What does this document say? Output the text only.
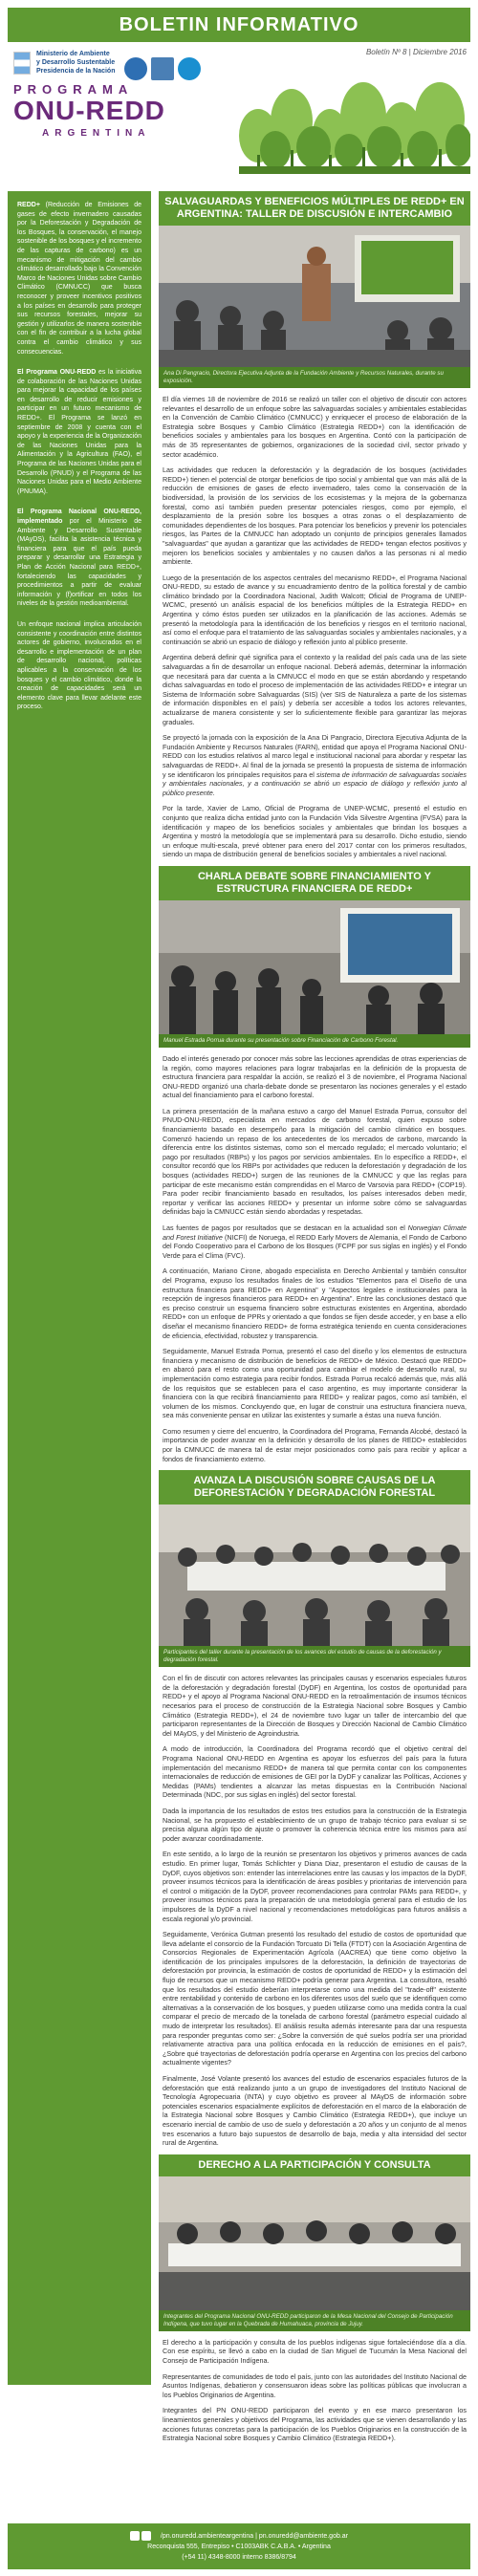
BOLETIN INFORMATIVO
Boletín Nº 8 | Diciembre 2016
Ministerio de Ambiente
y Desarrollo Sustentable
Presidencia de la Nación
PROGRAMA
ONU-REDD
ARGENTINA

REDD+ (Reducción de Emisiones de gases de efecto invernadero causadas por la Deforestación y Degradación de los Bosques, la conservación, el manejo sostenible de los bosques y el incremento de las capturas de carbono) es un mecanismo de mitigación del cambio climático desarrollado bajo la Convención Marco de Naciones Unidas sobre Cambio Climático (CMNUCC) que busca reconocer y proveer incentivos positivos a los países en desarrollo para proteger sus recursos forestales, mejorar su gestión y utilizarlos de manera sostenible con el fin de contribuir a la lucha global contra el cambio climático y sus consecuencias.

El Programa ONU-REDD es la iniciativa de colaboración de las Naciones Unidas para mejorar la capacidad de los países en desarrollo de reducir emisiones y participar en un futuro mecanismo de REDD+. El Programa se lanzó en septiembre de 2008 y cuenta con el apoyo y la experiencia de la Organización de las Naciones Unidas para la Alimentación y la Agricultura (FAO), el Programa de las Naciones Unidas para el Desarrollo (PNUD) y el Programa de las Naciones Unidas para el Medio Ambiente (PNUMA).

El Programa Nacional ONU-REDD, implementado por el Ministerio de Ambiente y Desarrollo Sustentable (MAyDS), facilita la asistencia técnica y financiera para que el país pueda preparar y desarrollar una Estrategia y Plan de Acción Nacional para REDD+, fortaleciendo las capacidades y procedimientos a partir de evaluar información y (f)ortificar en todos los niveles de la gestión medioambiental.

Un enfoque nacional implica articulación consistente y coordinación entre distintos actores de gobierno, involucrados en el desarrollo e implementación de un plan de desarrollo nacional, políticas aplicables a la conservación de los bosques y el cambio climático, donde la creación de capacidades será un elemento clave para llevar adelante este proceso.

SALVAGUARDAS Y BENEFICIOS MÚLTIPLES DE REDD+ EN ARGENTINA: TALLER DE DISCUSIÓN E INTERCAMBIO
Ana Di Pangracio, Directora Ejecutiva Adjunta de la Fundación Ambiente y Recursos Naturales, durante su exposición.

El día viernes 18 de noviembre de 2016 se realizó un taller con el objetivo de discutir con actores relevantes el desarrollo de un enfoque sobre las salvaguardas sociales y ambientales establecidas en la Convención de Cambio Climático (CMNUCC) y enriquecer el proceso de elaboración de la Estrategia sobre Bosques y Cambio Climático (Estrategia REDD+) con la identificación de beneficios sociales y ambientales para los bosques en Argentina. Contó con la participación de más de 35 representantes de gobiernos, organizaciones de la sociedad civil, sector privado y sector académico.

Las actividades que reducen la deforestación y la degradación de los bosques (actividades REDD+) tienen el potencial de otorgar beneficios de tipo social y ambiental que van más allá de la reducción de emisiones de gases de efecto invernadero, tales como la conservación de la biodiversidad, la provisión de los servicios de los ecosistemas y la mejora de la gobernanza forestal, como así también pueden presentar potenciales riesgos, como por ejemplo, el desplazamiento de la presión sobre los bosques a otras zonas o el desplazamiento de comunidades dependientes de los bosques. Para potenciar los beneficios y prevenir los potenciales riesgos, las Partes de la CMNUCC han adoptado un conjunto de principios generales llamados "salvaguardas" que ayudan a garantizar que las actividades de REDD+ tengan efectos positivos y mejoren los beneficios sociales y ambientales y no causen daños a las personas ni al medio ambiente.

Luego de la presentación de los aspectos centrales del mecanismo REDD+, el Programa Nacional ONU-REDD, su estado de avance y su encuadramiento dentro de la política forestal y de cambio climático brindado por la Coordinadora Nacional, Judith Walcott; Oficial de Programa de UNEP-WCMC, presentó un análisis espacial de los beneficios múltiples de la Estrategia REDD+ en Argentina y cómo éstos pueden ser utilizados en la planificación de las acciones. Además se presentó la metodología para la identificación de los beneficios y riesgos en el territorio nacional, así como el enfoque para el tratamiento de las salvaguardas sociales y ambientales nacionales, y a continuación se abrió un espacio de diálogo y reflexión junto al público presente.

Argentina deberá definir qué significa para el contexto y la realidad del país cada una de las siete salvaguardas a fin de desarrollar un enfoque nacional. Deberá además, determinar la información que necesitará para dar cuenta a la CMNUCC el modo en que se están abordando y respetando dichas salvaguardas en todo el proceso de implementación de las actividades REDD+ e integrar un Sistema de Información sobre Salvaguardas (SIS) (ver SIS de Naturaleza a parte de los sistemas de información disponibles en el país) y debería ser accesible a todos los actores relevantes, actualizarse de manera consistente y ser lo suficientemente flexible para garantizar las mejoras graduales.

Se proyectó la jornada con la exposición de la Ana Di Pangracio, Directora Ejecutiva Adjunta de la Fundación Ambiente y Recursos Naturales (FARN), entidad que apoya el Programa Nacional ONU-REDD con los estudios relativos al marco legal e institucional nacional para abordar y respetar las salvaguardas de REDD+. Al final de la jornada se presentó la propuesta de sistema de información y se identificaron los principales requisitos para el sistema de información de salvaguardas sociales y ambientales nacionales, y a continuación se abrió un espacio de diálogo y reflexión junto al público presente.

Por la tarde, Xavier de Lamo, Oficial de Programa de UNEP-WCMC, presentó el estudio en conjunto que realiza dicha entidad junto con la Fundación Vida Silvestre Argentina (FVSA) para la identificación y mapeo de los beneficios sociales y ambientales que brindan los bosques a Argentina y mostró la metodología que se implementará para su desarrollo. Dicho estudio, siendo un enfoque multi-escala, prevé obtener para enero del 2017 contar con los primeros resultados, siendo un mapa de distribución general de beneficios sociales y ambientales a nivel nacional.

CHARLA DEBATE SOBRE FINANCIAMIENTO Y ESTRUCTURA FINANCIERA DE REDD+
Manuel Estrada Porrua durante su presentación sobre Financiación de Carbono Forestal.

Dado el interés generado por conocer más sobre las lecciones aprendidas de otras experiencias de la región, como mayores relaciones para lograr trabajarlas en la definición de la propuesta de estructura financiera para respaldar la acción, se realizó el 3 de noviembre, el Programa Nacional ONU-REDD organizó una charla-debate donde se presentaron las nociones generales y el estado actual del financiamiento para el carbono forestal.

La primera presentación de la mañana estuvo a cargo del Manuel Estrada Porrua, consultor del PNUD-ONU-REDD, especialista en mercados de carbono forestal, quien expuso sobre financiamiento basado en desempeño para la mitigación del cambio climático en bosques. Comenzó haciendo un repaso de los antecedentes de los mercados de carbono, marcando la diferencia entre los distintos sistemas, como son el mercado regulado; el mercado voluntario; el pago por resultados (RBPs) y los pagos por servicios ambientales. En lo específico a REDD+, el consultor recordó que los RBPs por actividades que reducen la deforestación y degradación de los bosques (actividades REDD+) surgen de las reuniones de la CMNUCC y que las reglas para participar de este mecanismo están comprendidas en el Marco de Varsovia para REDD+ (COP19). Para poder recibir financiamiento basado en resultados, los países interesados deben medir, reportar y verificar las acciones REDD+ y presentar un informe sobre cómo se salvaguardas definidas bajo la CMNUCC están siendo abordadas y respetadas.

Las fuentes de pagos por resultados que se destacan en la actualidad son el Norwegian Climate and Forest Initiative (NICFI) de Noruega, el REDD Early Movers de Alemania, el Fondo de Carbono del Fondo Cooperativo para el Carbono de los Bosques (FCPF por sus siglas en inglés) y el Fondo Verde para el Clima (FVC).

A continuación, Mariano Cirone, abogado especialista en Derecho Ambiental y también consultor del Programa, expuso los resultados finales de los estudios "Elementos para el Diseño de una estructura financiera para REDD+ en Argentina" y "Aspectos legales e institucionales para la recepción de ingresos financieros para REDD+ en Argentina". Entre las conclusiones destacó que es preciso construir un esquema financiero sobre estructuras existentes en Argentina, abordado REDD+ con un enfoque de PPRs y orientado a que fondos se fijen desde acceder, y en base a ello diseñar el mecanismo financiero REDD+ de forma estratégica teniendo en cuenta consideraciones de eficiencia, efectividad, robustez y transparencia.

Seguidamente, Manuel Estrada Porrua, presentó el caso del diseño y los elementos de estructura financiera y mecanismo de distribución de beneficios de REDD+ de México. Destacó que REDD+ en abarcó para el resto como una oportunidad para cambiar el modelo de desarrollo rural, su implementación como estrategia para recibir fondos. Estrada Porrua recalcó además que, más allá de los requisitos que se establecen para el caso argentino, es muy importante considerar la financiera con la que recibirá financiamiento para REDD+ y realizar pagos, como así también, el volumen de los mismos. Concluyendo que, en lugar de construir una estructura financiera nueva, sea más conveniente pensar en utilizar las existentes y sumarle a éstas una nueva función.

Como resumen y cierre del encuentro, la Coordinadora del Programa, Fernanda Alcobé, destacó la importancia de poder avanzar en la definición y desarrollo de los planes de REDD+ establecidos por la CMNUCC de manera tal de estar mejor posicionados como país para recibir y aplicar a fondos de financiamiento externo.

AVANZA LA DISCUSIÓN SOBRE CAUSAS DE LA DEFORESTACIÓN Y DEGRADACIÓN FORESTAL
Participantes del taller durante la presentación de los avances del estudio de causas de la deforestación y degradación forestal.

Con el fin de discutir con actores relevantes las principales causas y escenarios especiales futuros de la deforestación y degradación forestal (DyDF) en Argentina, los costos de oportunidad para REDD+ y el apoyo al Programa Nacional ONU-REDD en la retroalimentación de insumos técnicos necesarios para el proceso de construcción de la Estrategia Nacional sobre Bosques y Cambio Climático (Estrategia REDD+), el 24 de noviembre tuvo lugar un taller de intercambio del que participaron representantes de la Dirección de Bosques y Dirección Nacional de Cambio Climático del MAyDS, y del Ministerio de Agroindustria.

A modo de introducción, la Coordinadora del Programa recordó que el objetivo central del Programa Nacional ONU-REDD en Argentina es apoyar los esfuerzos del país para la futura implementación del mecanismo REDD+ de manera tal que permita contar con los componentes internacionales de reducción de emisiones de GEI por la DyDF y canalizar las Políticas, Acciones y Medidas (PAMs) tendientes a alcanzar las metas dispuestas en la Contribución Nacional Determinada (NDC, por sus siglas en inglés) del sector forestal.

Dada la importancia de los resultados de estos tres estudios para la construcción de la Estrategia Nacional, se ha propuesto el establecimiento de un grupo de trabajo técnico para evaluar si se precisa alguna algún tipo de ajuste o promover la coherencia técnica entre los mismos para así poder avanzar coordinadamente.

En este sentido, a lo largo de la reunión se presentaron los objetivos y primeros avances de cada estudio. En primer lugar, Tomás Schlichter y Diana Diaz, presentaron el estudio de causas de la DyDF, cuyos objetivos son: entender las interrelaciones entre las causas y los impactos de la DyDF, proveer insumos técnicos para la identificación de áreas posibles y prioritarias de intervención para el control o mitigación de la DyDF, proveer recomendaciones para controlar PAMs para REDD+, y proveer insumos técnicos para la preparación de una metodología general para el estudio de los impulsores de la DyDF a nivel nacional y recomendaciones metodológicas para futuros análisis a escala regional y/o provincial.

Seguidamente, Verónica Gutman presentó los resultado del estudio de costos de oportunidad que lleva adelante el consorcio de la Fundación Torcuato Di Tella (FTDT) con la Asociación Argentina de Consorcios Regionales de Experimentación Agrícola (AACREA) que tiene como objetivo la identificación de los principales impulsores de la deforestación, la definición de trayectorias de deforestación por provincia, la estimación de costos de oportunidad de REDD+ y la estimación del flujo de recursos que un mecanismo REDD+ podría generar para Argentina. La consultora, resaltó que los resultados del estudio deberían interpretarse como una medida del "trade-off" existente entre rentabilidad y contenido de carbono en los diferentes usos del suelo que se identifiquen como alternativas a la conservación de los bosques, y pueden utilizarse como una medida contra la cual comparar el precio de mercado de la tonelada de carbono forestal (parámetro especial cuidado al mudo de interpretar los resultados). El análisis resulta además interesante para dar una respuesta para responder preguntas como ser: ¿Sobre la conversión de qué suelos podría ser una prioridad relativamente atractiva para una política enfocada en la reducción de emisiones en el país?, ¿Sobre qué trayectorias de deforestación podría operarse en Argentina con los precios del carbono actualmente vigentes?

Finalmente, José Volante presentó los avances del estudio de escenarios espaciales futuros de la deforestación que está realizando junto a un grupo de investigadores del Instituto Nacional de Tecnología Agropecuaria (INTA) y cuyo objetivo es proveer al MAyDS de información sobre potenciales escenarios espacialmente explícitos de deforestación en el marco de la elaboración de la Estrategia Nacional sobre Bosques y Cambio Climático (Estrategia REDD+), que incluye un escenario inercial de cambio de uso de suelo y deforestación a 20 años y un conjunto de al menos tres escenarios a futuro bajo supuestos de desarrollo de baja, media y alta intensidad del sector rural de Argentina.

DERECHO A LA PARTICIPACIÓN Y CONSULTA
Integrantes del Programa Nacional ONU-REDD participaron de la Mesa Nacional del Consejo de Participación Indígena, que tuvo lugar en la Quebrada de Humahuaca, provincia de Jujuy.

El derecho a la participación y consulta de los pueblos indígenas sigue fortaleciéndose día a día. Con ese espíritu, se llevó a cabo en la ciudad de San Miguel de Tucumán la Mesa Nacional del Consejo de Participación Indígena.

Representantes de comunidades de todo el país, junto con las autoridades del Instituto Nacional de Asuntos Indígenas, debatieron y consensuaron ideas sobre las políticas públicas que involucran a los Pueblos Originarios de Argentina.

Integrantes del PN ONU-REDD participaron del evento y en ese marco presentaron los lineamientos generales y objetivos del Programa, las actividades que se vienen desarrollando y las acciones futuras concretas para la participación de los Pueblos Originarios en la construcción de la Estrategia Nacional sobre Bosques y Cambio Climático (Estrategia REDD+).

/pn.onuredd.ambienteargentina | pn.onuredd@ambiente.gob.ar
Reconquista 555, Entrepiso • C1003ABK C.A.B.A. • Argentina
(+54 11) 4348-8000 interno 8386/8794
